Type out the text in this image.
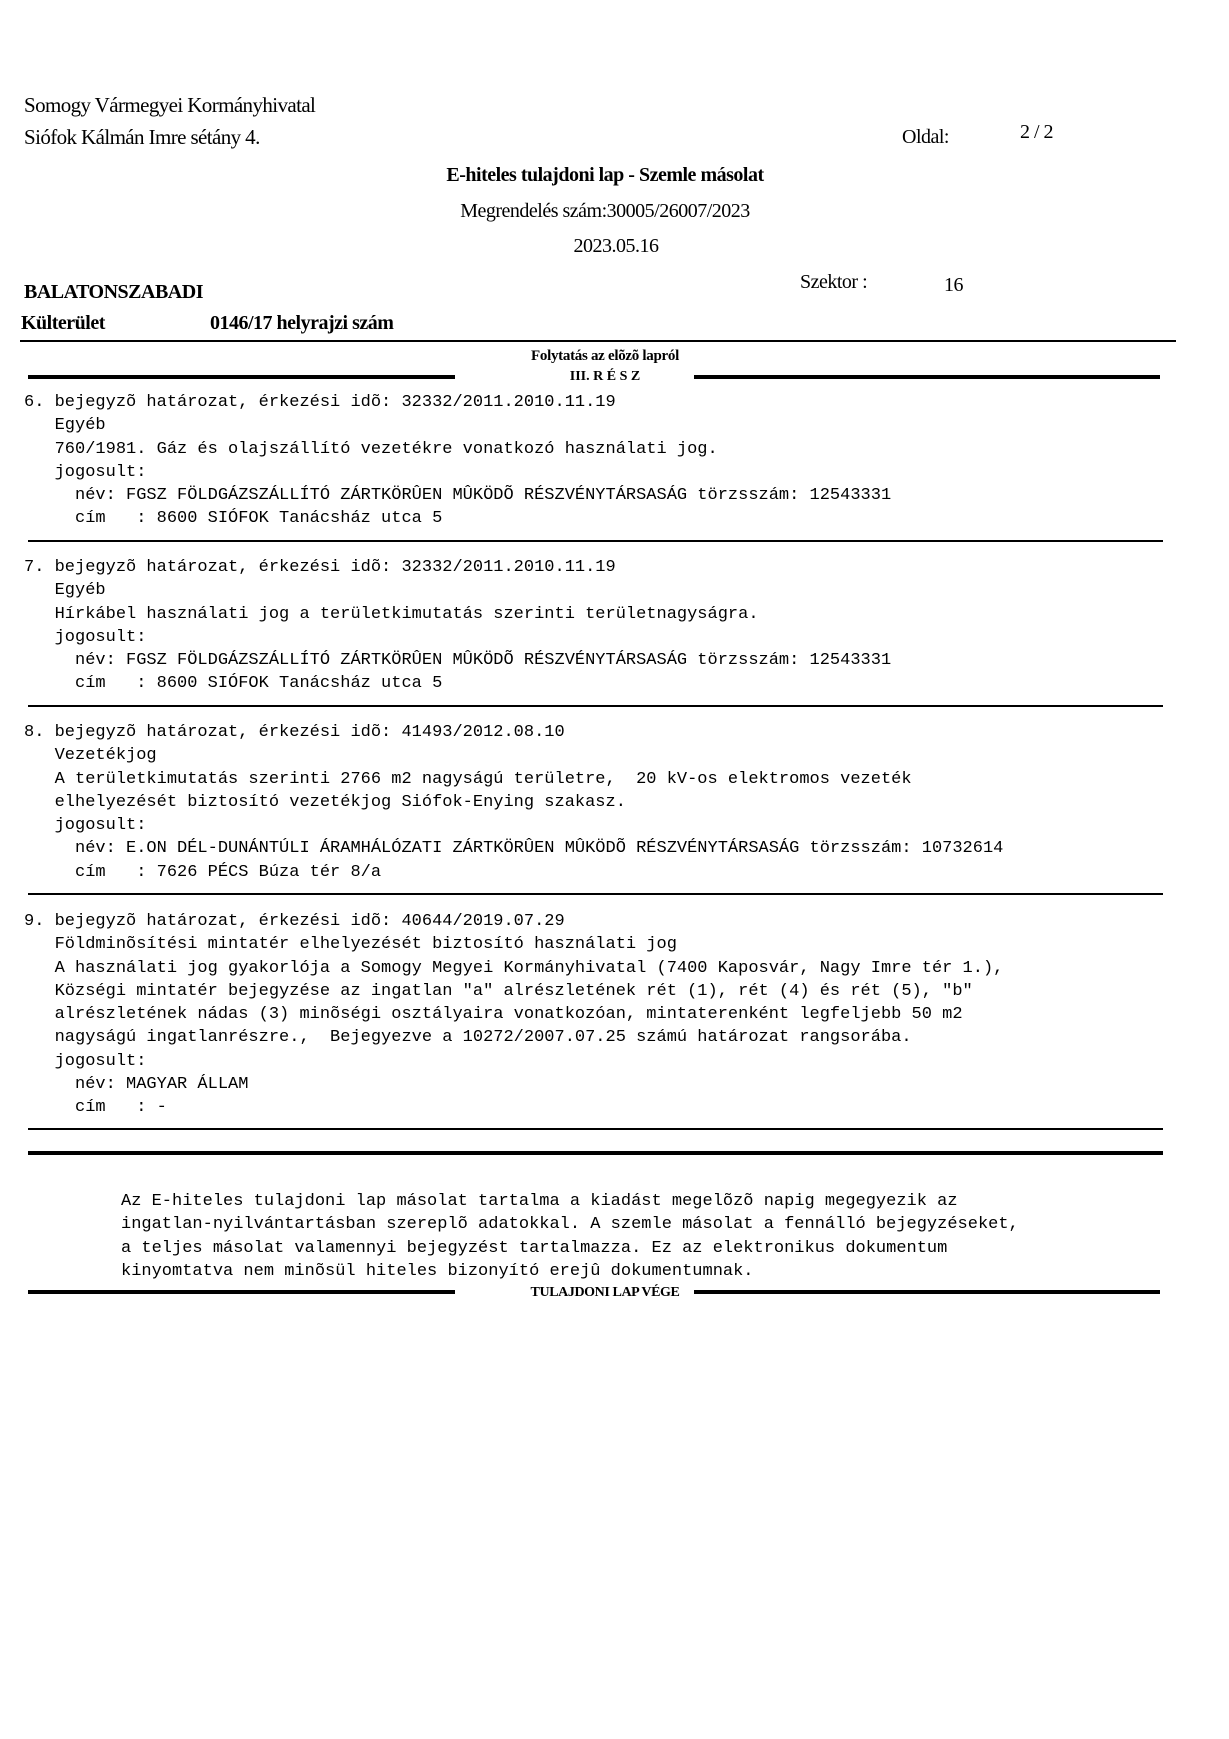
Somogy Vármegyei Kormányhivatal
Siófok Kálmán Imre sétány 4.	Oldal:	2 / 2
E-hiteles tulajdoni lap - Szemle másolat
Megrendelés szám:30005/26007/2023
2023.05.16
Szektor :	16
BALATONSZABADI
Külterület	0146/17 helyrajzi szám
Folytatás az elõzõ lapról
III. R É S Z
6. bejegyzõ határozat, érkezési idõ: 32332/2011.2010.11.19
Egyéb
760/1981. Gáz és olajszállító vezetékre vonatkozó használati jog.
jogosult:
név: FGSZ FÖLDGÁZSZÁLLÍTÓ ZÁRTKÖRÛEN MÛKÖDÕ RÉSZVÉNYTÁRSASÁG törzsszám: 12543331
cím   : 8600 SIÓFOK Tanácsház utca 5
7. bejegyzõ határozat, érkezési idõ: 32332/2011.2010.11.19
Egyéb
Hírkábel használati jog a területkimutatás szerinti területnagyságra.
jogosult:
név: FGSZ FÖLDGÁZSZÁLLÍTÓ ZÁRTKÖRÛEN MÛKÖDÕ RÉSZVÉNYTÁRSASÁG törzsszám: 12543331
cím   : 8600 SIÓFOK Tanácsház utca 5
8. bejegyzõ határozat, érkezési idõ: 41493/2012.08.10
Vezetékjog
A területkimutatás szerinti 2766 m2 nagyságú területre,  20 kV-os elektromos vezeték
elhelyezését biztosító vezetékjog Siófok-Enying szakasz.
jogosult:
név: E.ON DÉL-DUNÁNTÚLI ÁRAMHÁLÓZATI ZÁRTKÖRÛEN MÛKÖDÕ RÉSZVÉNYTÁRSASÁG törzsszám: 10732614
cím   : 7626 PÉCS Búza tér 8/a
9. bejegyzõ határozat, érkezési idõ: 40644/2019.07.29
Földminõsítési mintatér elhelyezését biztosító használati jog
A használati jog gyakorlója a Somogy Megyei Kormányhivatal (7400 Kaposvár, Nagy Imre tér 1.),
Községi mintatér bejegyzése az ingatlan "a" alrészletének rét (1), rét (4) és rét (5), "b"
alrészletének nádas (3) minõségi osztályaira vonatkozóan, mintaterenként legfeljebb 50 m2
nagyságú ingatlanrészre.,  Bejegyezve a 10272/2007.07.25 számú határozat rangsorába.
jogosult:
név: MAGYAR ÁLLAM
cím   : -
Az E-hiteles tulajdoni lap másolat tartalma a kiadást megelõzõ napig megegyezik az
ingatlan-nyilvántartásban szereplõ adatokkal. A szemle másolat a fennálló bejegyzéseket,
a teljes másolat valamennyi bejegyzést tartalmazza. Ez az elektronikus dokumentum
kinyomtatva nem minõsül hiteles bizonyító erejû dokumentumnak.
TULAJDONI LAP VÉGE
